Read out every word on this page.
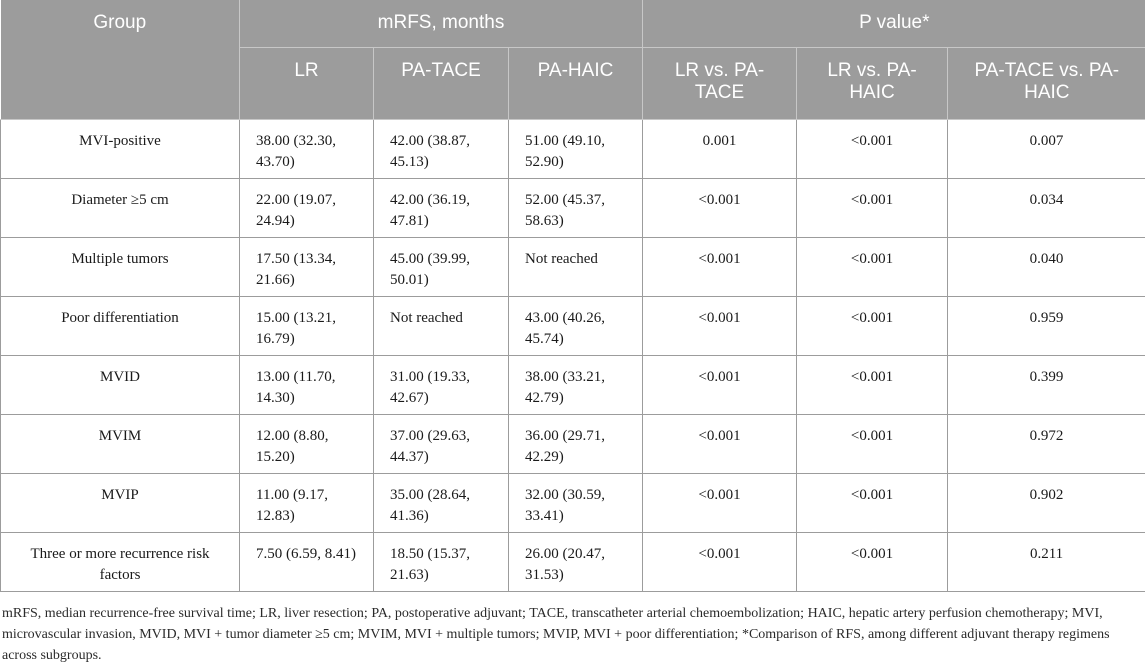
Group	mRFS, months			P value*		
	LR	PA-TACE	PA-HAIC	LR vs. PA-TACE	LR vs. PA-HAIC	PA-TACE vs. PA-HAIC
MVI-positive	38.00 (32.30, 43.70)	42.00 (38.87, 45.13)	51.00 (49.10, 52.90)	0.001	<0.001	0.007
Diameter ≥5 cm	22.00 (19.07, 24.94)	42.00 (36.19, 47.81)	52.00 (45.37, 58.63)	<0.001	<0.001	0.034
Multiple tumors	17.50 (13.34, 21.66)	45.00 (39.99, 50.01)	Not reached	<0.001	<0.001	0.040
Poor differentiation	15.00 (13.21, 16.79)	Not reached	43.00 (40.26, 45.74)	<0.001	<0.001	0.959
MVID	13.00 (11.70, 14.30)	31.00 (19.33, 42.67)	38.00 (33.21, 42.79)	<0.001	<0.001	0.399
MVIM	12.00 (8.80, 15.20)	37.00 (29.63, 44.37)	36.00 (29.71, 42.29)	<0.001	<0.001	0.972
MVIP	11.00 (9.17, 12.83)	35.00 (28.64, 41.36)	32.00 (30.59, 33.41)	<0.001	<0.001	0.902
Three or more recurrence risk factors	7.50 (6.59, 8.41)	18.50 (15.37, 21.63)	26.00 (20.47, 31.53)	<0.001	<0.001	0.211
mRFS, median recurrence-free survival time; LR, liver resection; PA, postoperative adjuvant; TACE, transcatheter arterial chemoembolization; HAIC, hepatic artery perfusion chemotherapy; MVI, microvascular invasion, MVID, MVI + tumor diameter ≥5 cm; MVIM, MVI + multiple tumors; MVIP, MVI + poor differentiation; *Comparison of RFS, among different adjuvant therapy regimens across subgroups.
